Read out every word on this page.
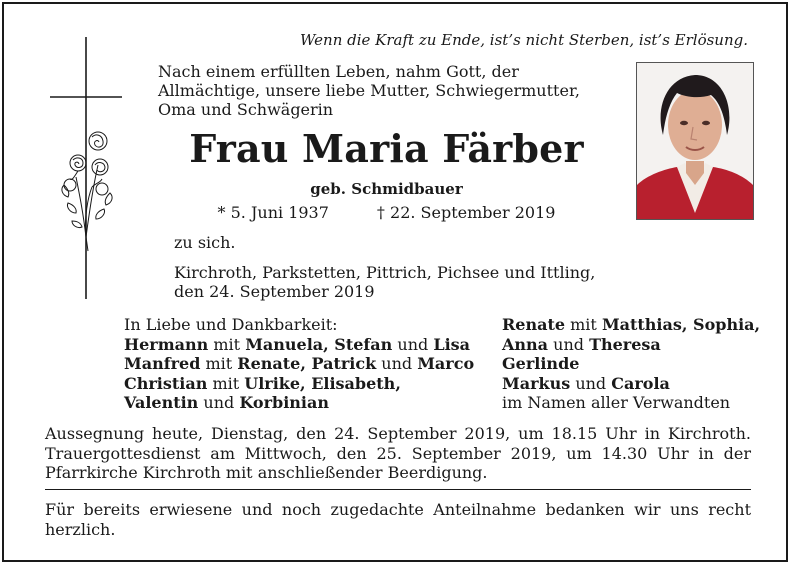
Wenn die Kraft zu Ende, ist’s nicht Sterben, ist’s Erlösung.
Nach einem erfüllten Leben, nahm Gott, der
Allmächtige, unsere liebe Mutter, Schwiegermutter,
Oma und Schwägerin
Frau Maria Färber
geb. Schmidbauer
* 5. Juni 1937	† 22. September 2019
zu sich.
Kirchroth, Parkstetten, Pittrich, Pichsee und Ittling,
den 24. September 2019
In Liebe und Dankbarkeit:
Hermann mit Manuela, Stefan und Lisa
Manfred mit Renate, Patrick und Marco
Christian mit Ulrike, Elisabeth,
Valentin und Korbinian
Renate mit Matthias, Sophia,
Anna und Theresa
Gerlinde
Markus und Carola
im Namen aller Verwandten
Aussegnung heute, Dienstag, den 24. September 2019, um 18.15 Uhr in Kirchroth. Trauergottesdienst am Mittwoch, den 25. September 2019, um 14.30 Uhr in der Pfarrkirche Kirchroth mit anschließender Beerdigung.
Für bereits erwiesene und noch zugedachte Anteilnahme bedanken wir uns recht herzlich.
